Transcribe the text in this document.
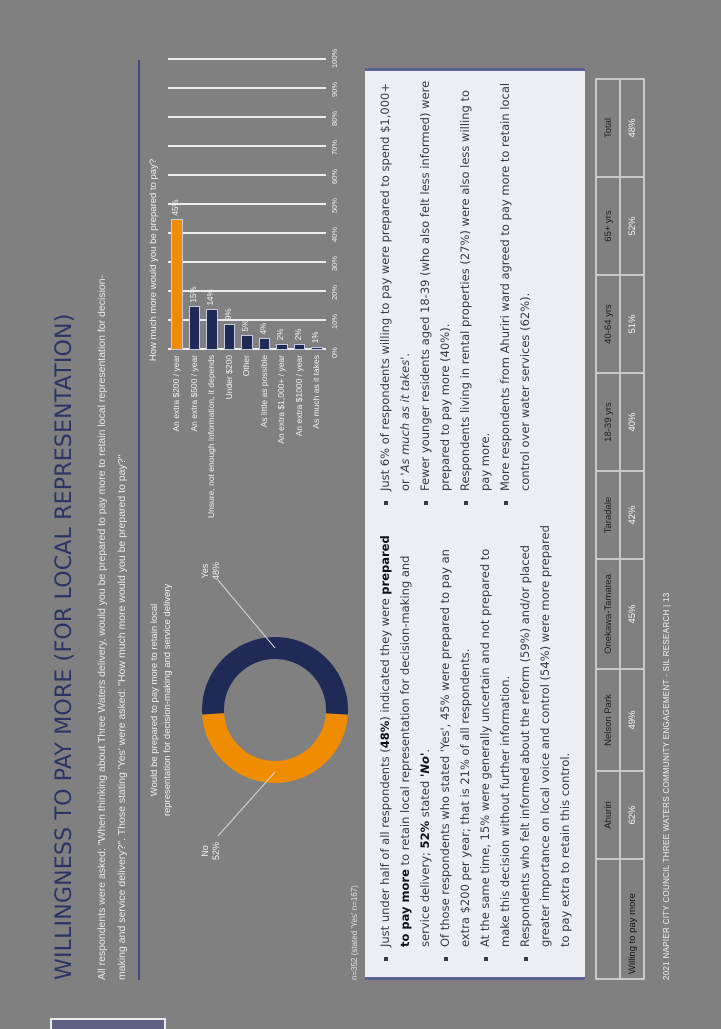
WILLINGNESS TO PAY MORE (FOR LOCAL REPRESENTATION)	All respondents were asked: "When thinking about Three Waters delivery, would you be prepared to pay more to retain local representation for decision- making and service delivery?". Those stating 'Yes' were asked: "How much more would you be prepared to pay?"	Would be prepared to pay more to retain local representation for decision-making and service delivery
Yes 48%
No 52%
n=352 (stated 'Yes' n=167)
How much more would you be prepared to pay?	0%
10%
20%
30%
40%
50%
60%
70%
80%
90%
100%
An extra $200 / year
45%
An extra $500 / year
15%
Unsure, not enough information, it depends
14%
Under $200
9%
Other
5%
As little as possible
4%
An extra $1,000+ / year
2%
An extra $1000 / year
2%
As much as it takes
1%
▪ Just under half of all respondents (48%) indicated they were prepared to pay more to retain local representation for decision-making and service delivery; 52% stated 'No'. ▪ Of those respondents who stated 'Yes', 45% were prepared to pay an extra $200 per year; that is 21% of all respondents. ▪ At the same time, 15% were generally uncertain and not prepared to make this decision without further information. ▪ Respondents who felt informed about the reform (59%) and/or placed greater importance on local voice and control (54%) were more prepared to pay extra to retain this control.
▪ Just 6% of respondents willing to pay were prepared to spend $1,000+ or 'As much as it takes'. ▪ Fewer younger residents aged 18-39 (who also felt less informed) were prepared to pay more (40%). ▪ Respondents living in rental properties (27%) were also less willing to pay more. ▪ More respondents from Ahuriri ward agreed to pay more to retain local control over water services (62%).
	Ahuriri	Nelson Park	Onekawa-Tamatea	Taradale	18-39 yrs	40-64 yrs	65+ yrs	Total
Willing to pay more	62%	49%	45%	42%	40%	51%	52%	48%
2021 NAPIER CITY COUNCIL THREE WATERS COMMUNITY ENGAGEMENT - SIL RESEARCH | 13
